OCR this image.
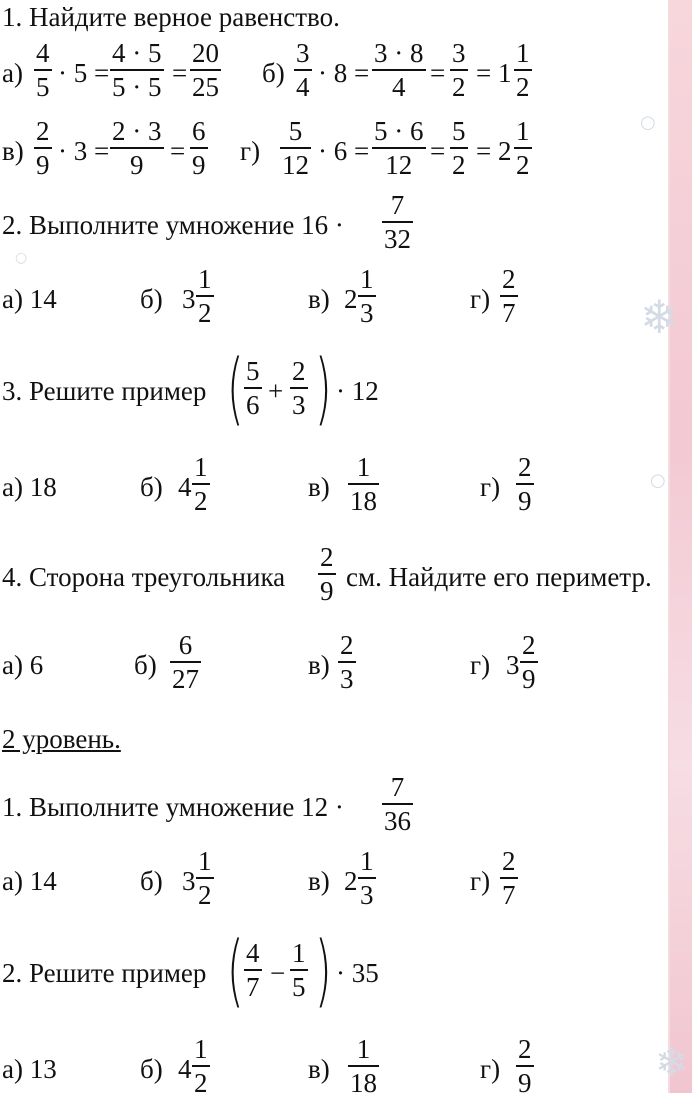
❄
○
○
❄
○
1. Найдите верное равенство.
а)
4
5 · 5 =
4 · 5
5 · 5 =
20
25 б)
3
4 · 8 =
3 · 8
4 =
3
2 = 1
1
2
в)
2
9 · 3 =
2 · 3
9 =
6
9 г)
5
12 · 6 =
5 · 6
12 =
5
2 = 2
1
2
2. Выполните умножение 16 ·
7
32
а) 14	б) 3
1
2	в) 2
1
3	г)
2
7
3. Решите пример ( 5
6 +
2
3 ) · 12
а) 18	б) 4
1
2	в)
1
18	г)
2
9
4. Сторона треугольника
2
9 см. Найдите его периметр.
а) 6	б)
6
27	в)
2
3	г) 3
2
9
2 уровень.
1. Выполните умножение 12 ·
7
36
а) 14	б) 3
1
2	в) 2
1
3	г)
2
7
2. Решите пример ( 4
7 −
1
5 ) · 35
а) 13	б) 4
1
2	в)
1
18	г)
2
9
